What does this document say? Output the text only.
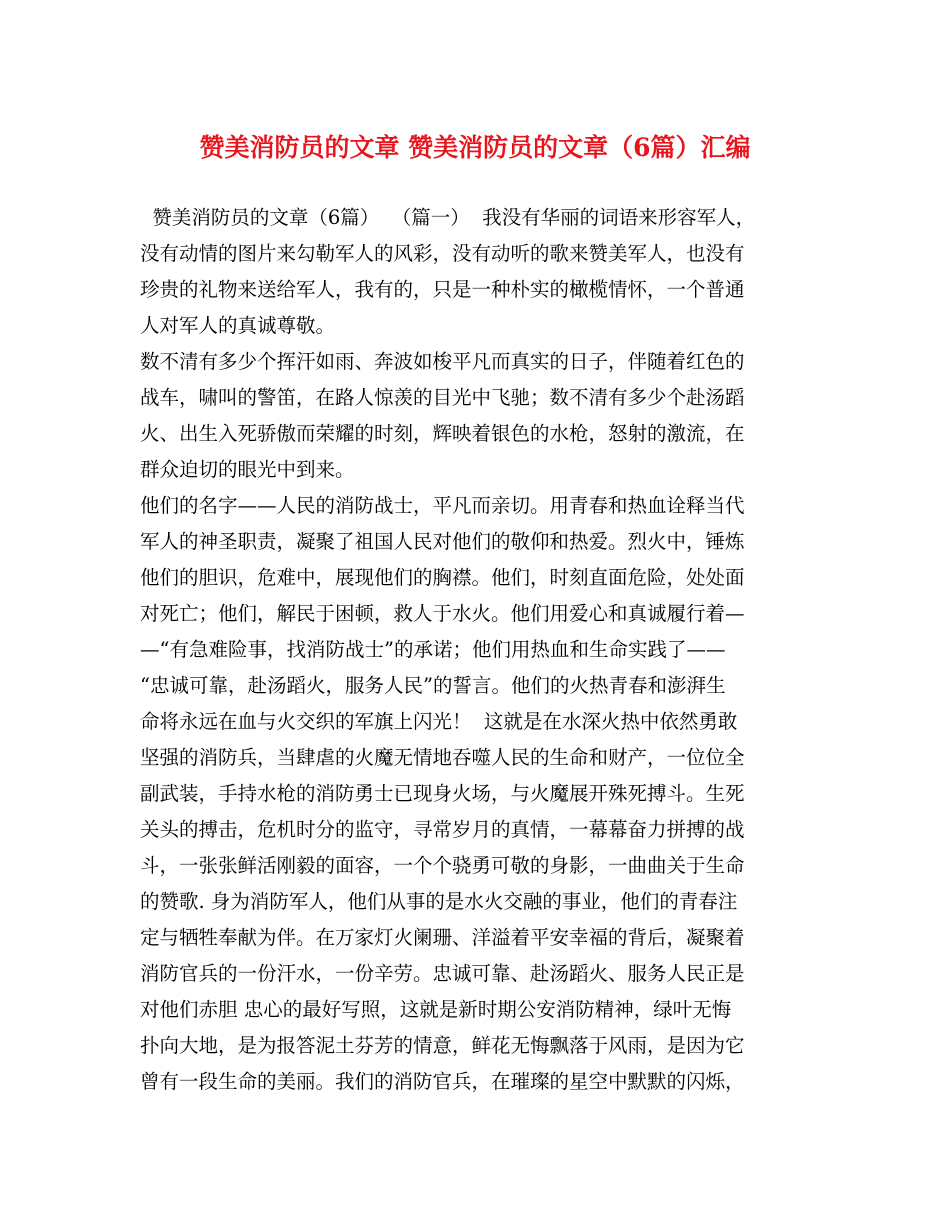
赞美消防员的文章 赞美消防员的文章（6篇）汇编
赞美消防员的文章（6篇）  （篇一）  我没有华丽的词语来形容军人，
没有动情的图片来勾勒军人的风彩，没有动听的歌来赞美军人，也没有
珍贵的礼物来送给军人，我有的，只是一种朴实的橄榄情怀，一个普通
人对军人的真诚尊敬。
数不清有多少个挥汗如雨、奔波如梭平凡而真实的日子，伴随着红色的
战车，啸叫的警笛，在路人惊羡的目光中飞驰；数不清有多少个赴汤蹈
火、出生入死骄傲而荣耀的时刻，辉映着银色的水枪，怒射的激流，在
群众迫切的眼光中到来。
他们的名字——人民的消防战士，平凡而亲切。用青春和热血诠释当代
军人的神圣职责，凝聚了祖国人民对他们的敬仰和热爱。烈火中，锤炼
他们的胆识，危难中，展现他们的胸襟。他们，时刻直面危险，处处面
对死亡；他们，解民于困顿，救人于水火。他们用爱心和真诚履行着—
—“有急难险事，找消防战士”的承诺；他们用热血和生命实践了——
“忠诚可靠，赴汤蹈火，服务人民”的誓言。他们的火热青春和澎湃生
命将永远在血与火交织的军旗上闪光！  这就是在水深火热中依然勇敢
坚强的消防兵，当肆虐的火魔无情地吞噬人民的生命和财产，一位位全
副武装，手持水枪的消防勇士已现身火场，与火魔展开殊死搏斗。生死
关头的搏击，危机时分的监守，寻常岁月的真情，一幕幕奋力拼搏的战
斗，一张张鲜活刚毅的面容，一个个骁勇可敬的身影，一曲曲关于生命
的赞歌. 身为消防军人，他们从事的是水火交融的事业，他们的青春注
定与牺牲奉献为伴。在万家灯火阑珊、洋溢着平安幸福的背后，凝聚着
消防官兵的一份汗水，一份辛劳。忠诚可靠、赴汤蹈火、服务人民正是
对他们赤胆 忠心的最好写照，这就是新时期公安消防精神，绿叶无悔
扑向大地，是为报答泥土芬芳的情意，鲜花无悔飘落于风雨，是因为它
曾有一段生命的美丽。我们的消防官兵，在璀璨的星空中默默的闪烁，
